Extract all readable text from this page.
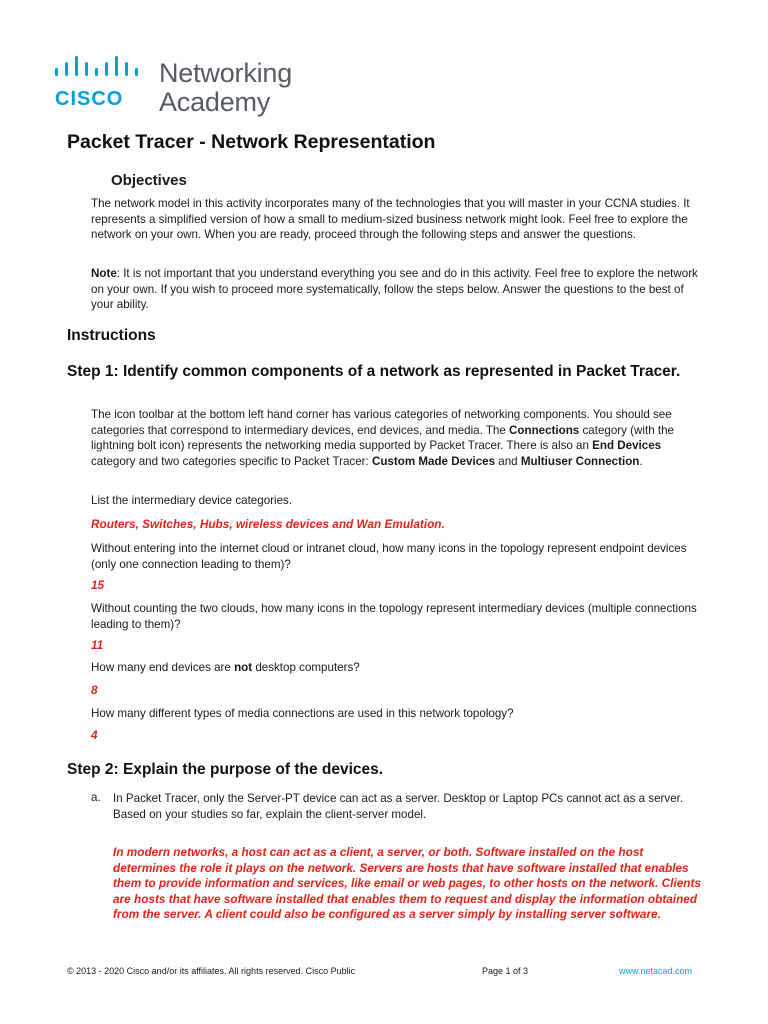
CISCO
Networking
Academy
Packet Tracer - Network Representation
Objectives

The network model in this activity incorporates many of the technologies that you will master in your CCNA studies. It represents a simplified version of how a small to medium-sized business network might look. Feel free to explore the network on your own. When you are ready, proceed through the following steps and answer the questions.

Note: It is not important that you understand everything you see and do in this activity. Feel free to explore the network on your own. If you wish to proceed more systematically, follow the steps below. Answer the questions to the best of your ability.

Instructions
Step 1: Identify common components of a network as represented in Packet Tracer.

The icon toolbar at the bottom left hand corner has various categories of networking components. You should see categories that correspond to intermediary devices, end devices, and media. The Connections category (with the lightning bolt icon) represents the networking media supported by Packet Tracer. There is also an End Devices category and two categories specific to Packet Tracer: Custom Made Devices and Multiuser Connection.

List the intermediary device categories.

Routers, Switches, Hubs, wireless devices and Wan Emulation.

Without entering into the internet cloud or intranet cloud, how many icons in the topology represent endpoint devices (only one connection leading to them)?

15

Without counting the two clouds, how many icons in the topology represent intermediary devices (multiple connections leading to them)?

11

How many end devices are not desktop computers?

8

How many different types of media connections are used in this network topology?

4

Step 2: Explain the purpose of the devices.
a. In Packet Tracer, only the Server-PT device can act as a server. Desktop or Laptop PCs cannot act as a server. Based on your studies so far, explain the client-server model.

In modern networks, a host can act as a client, a server, or both. Software installed on the host determines the role it plays on the network. Servers are hosts that have software installed that enables them to provide information and services, like email or web pages, to other hosts on the network. Clients are hosts that have software installed that enables them to request and display the information obtained from the server. A client could also be configured as a server simply by installing server software.

© 2013 - 2020 Cisco and/or its affiliates. All rights reserved. Cisco Public	Page 1 of 3	www.netacad.com
